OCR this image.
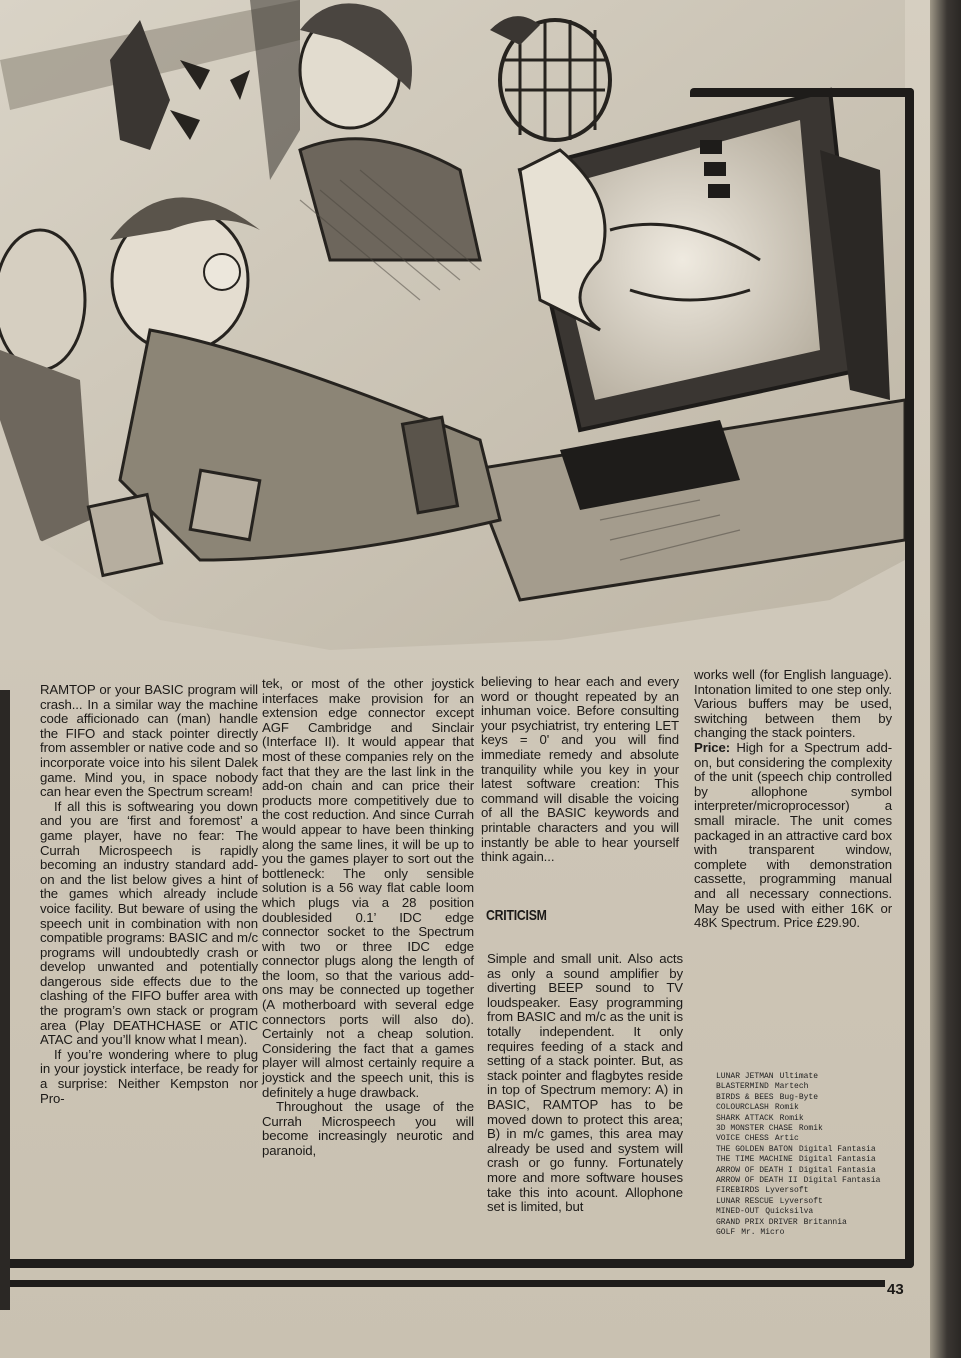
RAMTOP or your BASIC program will crash... In a similar way the machine code afficionado can (man) handle the FIFO and stack pointer directly from assembler or native code and so incorporate voice into his silent Dalek game. Mind you, in space nobody can hear even the Spectrum scream!

If all this is softwearing you down and you are ‘first and foremost’ a game player, have no fear: The Currah Microspeech is rapidly becoming an industry standard add-on and the list below gives a hint of the games which already include voice facility. But beware of using the speech unit in combination with non compatible programs: BASIC and m/c programs will undoubtedly crash or develop unwanted and potentially dangerous side effects due to the clashing of the FIFO buffer area with the program’s own stack or program area (Play DEATHCHASE or ATIC ATAC and you’ll know what I mean).

If you’re wondering where to plug in your joystick interface, be ready for a surprise: Neither Kempston nor Pro-

tek, or most of the other joystick interfaces make provision for an extension edge connector except AGF Cambridge and Sinclair (Interface II). It would appear that most of these companies rely on the fact that they are the last link in the add-on chain and can price their products more competitively due to the cost reduction. And since Currah would appear to have been thinking along the same lines, it will be up to you the games player to sort out the bottleneck: The only sensible solution is a 56 way flat cable loom which plugs via a 28 position doublesided 0.1’ IDC edge connector socket to the Spectrum with two or three IDC edge connector plugs along the length of the loom, so that the various add-ons may be connected up together (A motherboard with several edge connectors ports will also do). Certainly not a cheap solution. Considering the fact that a games player will almost certainly require a joystick and the speech unit, this is definitely a huge drawback.

Throughout the usage of the Currah Microspeech you will become increasingly neurotic and paranoid,

believing to hear each and every word or thought repeated by an inhuman voice. Before consulting your psychiatrist, try entering LET keys = 0' and you will find immediate remedy and absolute tranquility while you key in your latest software creation: This command will disable the voicing of all the BASIC keywords and printable characters and you will instantly be able to hear yourself think again...

CRITICISM

Simple and small unit. Also acts as only a sound amplifier by diverting BEEP sound to TV loudspeaker. Easy programming from BASIC and m/c as the unit is totally independent. It only requires feeding of a stack and setting of a stack pointer. But, as stack pointer and flagbytes reside in top of Spectrum memory: A) in BASIC, RAMTOP has to be moved down to protect this area; B) in m/c games, this area may already be used and system will crash or go funny. Fortunately more and more software houses take this into acount. Allophone set is limited, but

works well (for English language). Intonation limited to one step only. Various buffers may be used, switching between them by changing the stack pointers.

Price: High for a Spectrum add-on, but considering the complexity of the unit (speech chip controlled by allophone symbol interpreter/microprocessor) a small miracle. The unit comes packaged in an attractive card box with transparent window, complete with demonstration cassette, programming manual and all necessary connections. May be used with either 16K or 48K Spectrum. Price £29.90.

LUNAR JETMAN Ultimate
BLASTERMIND Martech
BIRDS & BEES Bug-Byte
COLOURCLASH Romik
SHARK ATTACK Romik
3D MONSTER CHASE Romik
VOICE CHESS Artic
THE GOLDEN BATON Digital Fantasia
THE TIME MACHINE Digital Fantasia
ARROW OF DEATH I Digital Fantasia
ARROW OF DEATH II Digital Fantasia
FIREBIRDS Lyversoft
LUNAR RESCUE Lyversoft
MINED-OUT Quicksilva
GRAND PRIX DRIVER Britannia
GOLF Mr. Micro
43
